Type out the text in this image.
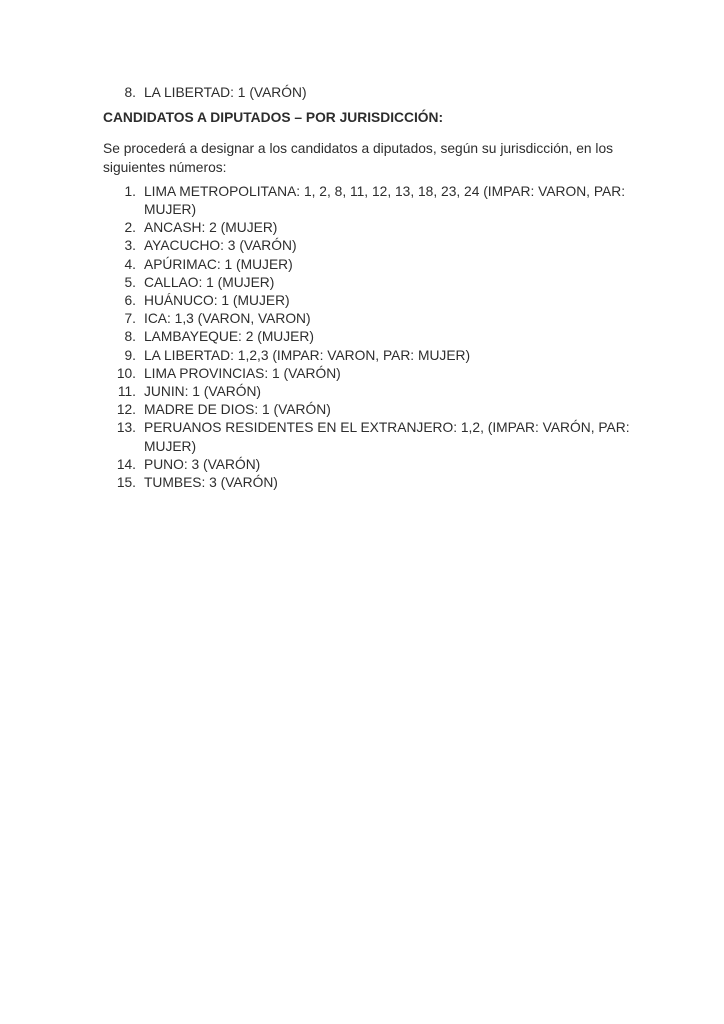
8. LA LIBERTAD: 1 (VARÓN)
CANDIDATOS A DIPUTADOS – POR JURISDICCIÓN:
Se procederá a designar a los candidatos a diputados, según su jurisdicción, en los
siguientes números:
1. LIMA METROPOLITANA: 1, 2, 8, 11, 12, 13, 18, 23, 24 (IMPAR: VARON, PAR:
MUJER)
2. ANCASH: 2 (MUJER)
3. AYACUCHO: 3 (VARÓN)
4. APÚRIMAC: 1 (MUJER)
5. CALLAO: 1 (MUJER)
6. HUÁNUCO: 1 (MUJER)
7. ICA: 1,3 (VARON, VARON)
8. LAMBAYEQUE: 2 (MUJER)
9. LA LIBERTAD: 1,2,3 (IMPAR: VARON, PAR: MUJER)
10. LIMA PROVINCIAS: 1 (VARÓN)
11. JUNIN: 1 (VARÓN)
12. MADRE DE DIOS: 1 (VARÓN)
13. PERUANOS RESIDENTES EN EL EXTRANJERO: 1,2, (IMPAR: VARÓN, PAR:
MUJER)
14. PUNO: 3 (VARÓN)
15. TUMBES: 3 (VARÓN)
